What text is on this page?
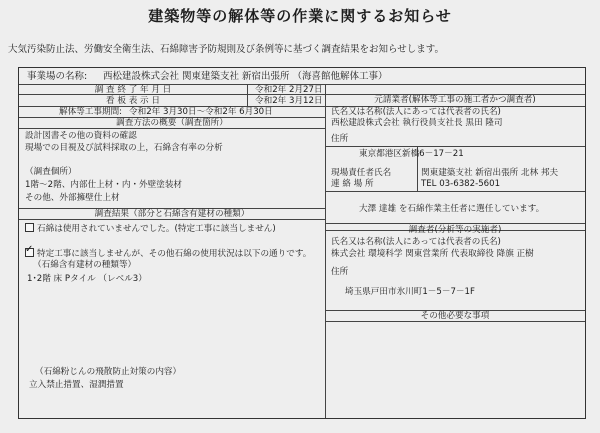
建築物等の解体等の作業に関するお知らせ
大気汚染防止法、労働安全衛生法、石綿障害予防規則及び条例等に基づく調査結果をお知らせします。
事業場の名称: 西松建設株式会社 関東建築支社 新宿出張所 （海喜館他解体工事）
調 査 終 了 年 月 日	令和2年 2月27日
看 板 表 示 日	令和2年 3月12日
解体等工事期間: 令和2年 3月30日～令和2年 6月30日
調査方法の概要（調査箇所）
設計図書その他の資料の確認
現場での目視及び試料採取の上，石綿含有率の分析
（調査個所）
1階～2階、内部仕上材・内・外壁塗装材
その他、外部擁壁仕上材
調査結果（部分と石綿含有建材の種類）
石綿は使用されていませんでした。(特定工事に該当しません)
✓特定工事に該当しませんが、その他石綿の使用状況は以下の通りです。
（石綿含有建材の種類等）
1･2階 床 Pタイル （レベル3）
（石綿粉じんの飛散防止対策の内容）
立入禁止措置、湿潤措置
元請業者(解体等工事の施工者かつ調査者)
氏名又は名称(法人にあっては代表者の氏名)
西松建設株式会社 執行役員支社長 黒田 隆司
住所
東京都港区新橋6－17－21
現場責任者氏名	関東建築支社 新宿出張所 北林 邦夫
連 絡 場 所	TEL 03-6382-5601
大澤 達雄 を石綿作業主任者に選任しています。
調査者(分析等の実施者)
氏名又は名称(法人にあっては代表者の氏名)
株式会社 環境科学 関東営業所 代表取締役 降旗 正樹
住所
埼玉県戸田市氷川町1－5－7－1F
その他必要な事項
